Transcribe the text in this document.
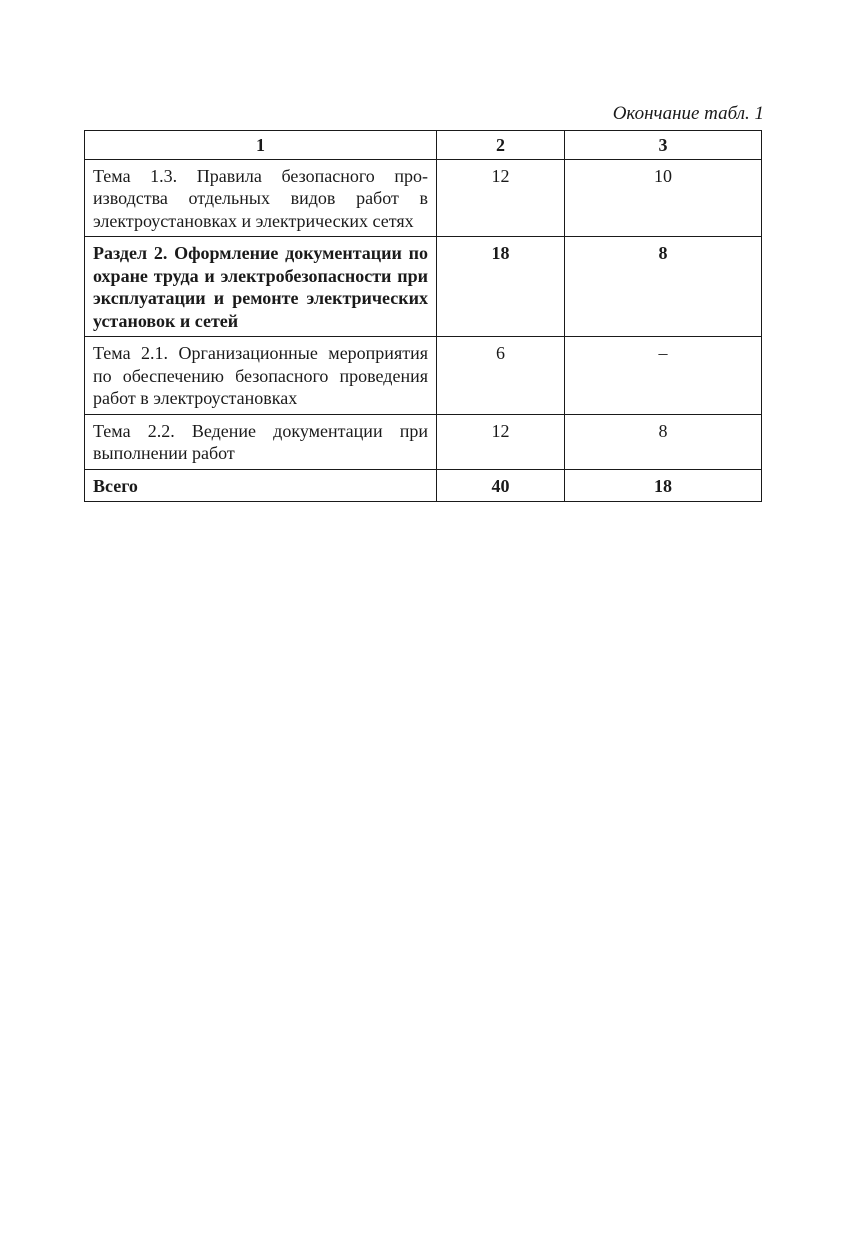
Окончание табл. 1
1	2	3
Тема 1.3. Правила безопасного производства отдельных видов работ в электроустановках и электрических сетях	12	10
Раздел 2. Оформление документации по охране труда и электробезопасности при эксплуатации и ремонте электрических установок и сетей	18	8
Тема 2.1. Организационные мероприятия по обеспечению безопасного проведения работ в электроустановках	6	–
Тема 2.2. Ведение документации при выполнении работ	12	8
Всего	40	18
